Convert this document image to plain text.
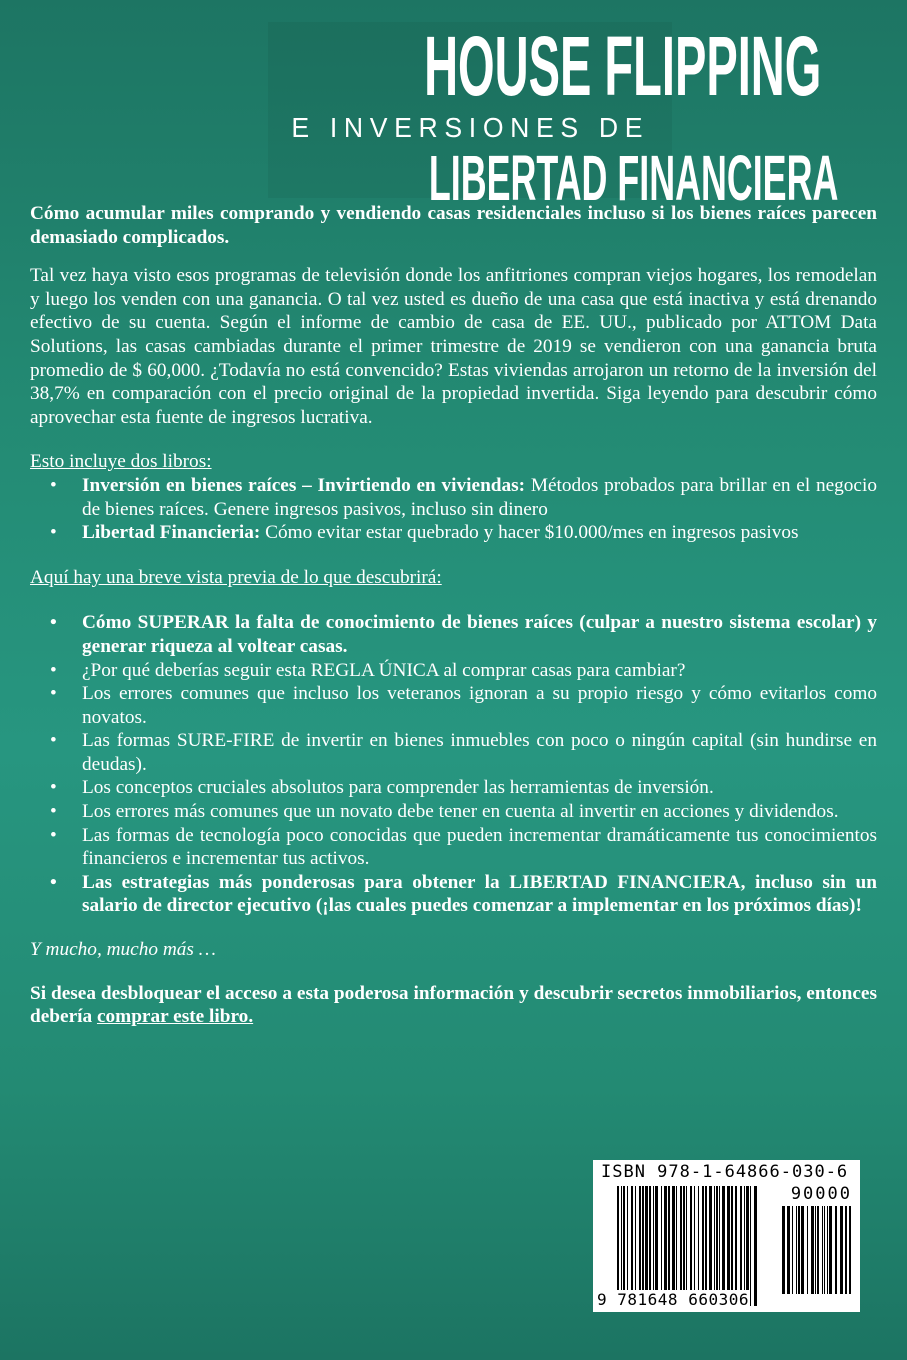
HOUSE FLIPPING
E INVERSIONES DE
LIBERTAD FINANCIERA

Cómo acumular miles comprando y vendiendo casas residenciales incluso si los bienes raíces parecen demasiado complicados.

Tal vez haya visto esos programas de televisión donde los anfitriones compran viejos hogares, los remodelan y luego los venden con una ganancia. O tal vez usted es dueño de una casa que está inactiva y está drenando efectivo de su cuenta. Según el informe de cambio de casa de EE. UU., publicado por ATTOM Data Solutions, las casas cambiadas durante el primer trimestre de 2019 se vendieron con una ganancia bruta promedio de $ 60,000. ¿Todavía no está convencido? Estas viviendas arrojaron un retorno de la inversión del 38,7% en comparación con el precio original de la propiedad invertida. Siga leyendo para descubrir cómo aprovechar esta fuente de ingresos lucrativa.

Esto incluye dos libros:

• Inversión en bienes raíces – Invirtiendo en viviendas: Métodos probados para brillar en el negocio de bienes raíces. Genere ingresos pasivos, incluso sin dinero
• Libertad Financieria: Cómo evitar estar quebrado y hacer $10.000/mes en ingresos pasivos

Aquí hay una breve vista previa de lo que descubrirá:

• Cómo SUPERAR la falta de conocimiento de bienes raíces (culpar a nuestro sistema escolar) y generar riqueza al voltear casas.
• ¿Por qué deberías seguir esta REGLA ÚNICA al comprar casas para cambiar?
• Los errores comunes que incluso los veteranos ignoran a su propio riesgo y cómo evitarlos como novatos.
• Las formas SURE-FIRE de invertir en bienes inmuebles con poco o ningún capital (sin hundirse en deudas).
• Los conceptos cruciales absolutos para comprender las herramientas de inversión.
• Los errores más comunes que un novato debe tener en cuenta al invertir en acciones y dividendos.
• Las formas de tecnología poco conocidas que pueden incrementar dramáticamente tus conocimientos financieros e incrementar tus activos.
• Las estrategias más ponderosas para obtener la LIBERTAD FINANCIERA, incluso sin un salario de director ejecutivo (¡las cuales puedes comenzar a implementar en los próximos días)!

Y mucho, mucho más …

Si desea desbloquear el acceso a esta poderosa información y descubrir secretos inmobiliarios, entonces debería comprar este libro.

ISBN 978-1-64866-030-6
90000
9 781648 660306
